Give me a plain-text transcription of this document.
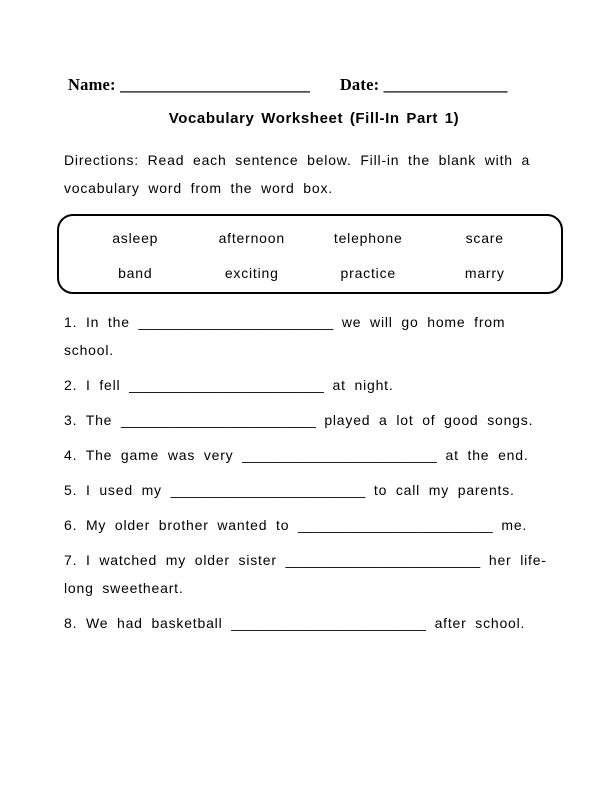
Name: _______________________ Date: _______________
Vocabulary Worksheet (Fill-In Part 1)
Directions: Read each sentence below. Fill-in the blank with a
vocabulary word from the word box.
asleep	afternoon	telephone	scare
band	exciting	practice	marry
1. In the _________________________ we will go home from
school.
2. I fell _________________________ at night.
3. The _________________________ played a lot of good songs.
4. The game was very _________________________ at the end.
5. I used my _________________________ to call my parents.
6. My older brother wanted to _________________________ me.
7. I watched my older sister _________________________ her life-
long sweetheart.
8. We had basketball _________________________ after school.
